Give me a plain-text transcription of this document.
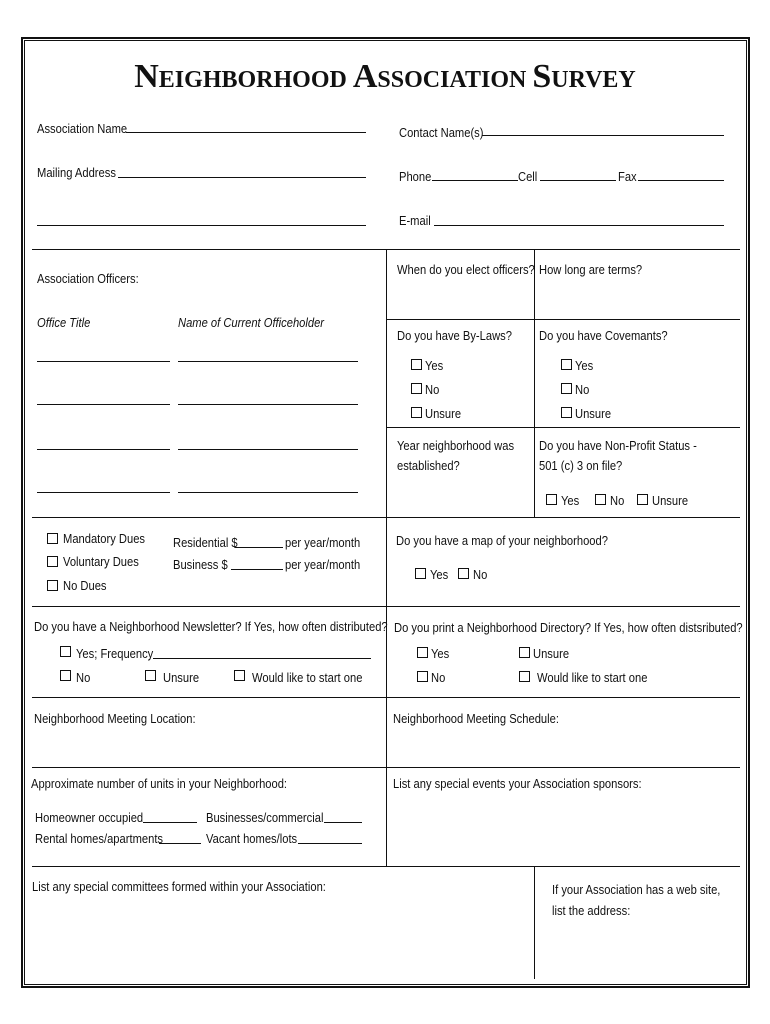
NEIGHBORHOOD ASSOCIATION SURVEY
Association Name
Mailing Address
Contact Name(s)
Phone	Cell	Fax
E-mail
Association Officers:
Office Title	Name of Current Officeholder
When do you elect officers? How long are terms?
Do you have By-Laws?
Yes
No
Unsure
Do you have Covemants?
Yes
No
Unsure
Year neighborhood was
established?
Do you have Non-Profit Status -
501 (c) 3 on file?
Yes No Unsure
Mandatory Dues
Voluntary Dues
No Dues
Residential $	per year/month
Business $	per year/month
Do you have a map of your neighborhood?
Yes No
Do you have a Neighborhood Newsletter? If Yes, how often distributed?
Yes; Frequency
No	Unsure	Would like to start one
Do you print a Neighborhood Directory? If Yes, how often distsributed?
Yes	Unsure
No	Would like to start one
Neighborhood Meeting Location:	Neighborhood Meeting Schedule:
Approximate number of units in your Neighborhood:
Homeowner occupied	Businesses/commercial
Rental homes/apartments	Vacant homes/lots
List any special events your Association sponsors:
List any special committees formed within your Association:	If your Association has a web site,
list the address:
